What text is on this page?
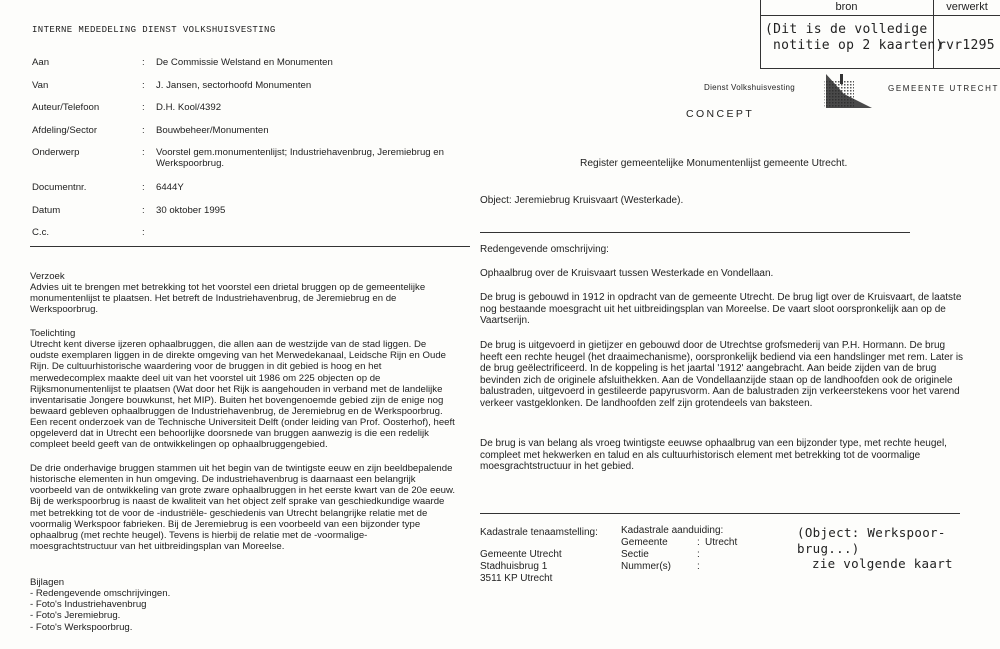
INTERNE MEDEDELING DIENST VOLKSHUISVESTING
Aan	: De Commissie Welstand en Monumenten
Van	: J. Jansen, sectorhoofd Monumenten
Auteur/Telefoon	: D.H. Kool/4392
Afdeling/Sector	: Bouwbeheer/Monumenten
Onderwerp	: Voorstel gem.monumentenlijst; Industriehavenbrug, Jeremiebrug en Werkspoorbrug.
Documentnr.	: 6444Y
Datum	: 30 oktober 1995
C.c.	:
Verzoek

Advies uit te brengen met betrekking tot het voorstel een drietal bruggen op de gemeentelijke monumentenlijst te plaatsen. Het betreft de Industriehavenbrug, de Jeremiebrug en de Werkspoorbrug.

Toelichting

Utrecht kent diverse ijzeren ophaalbruggen, die allen aan de westzijde van de stad liggen. De oudste exemplaren liggen in de direkte omgeving van het Merwedekanaal, Leidsche Rijn en Oude Rijn. De cultuurhistorische waardering voor de bruggen in dit gebied is hoog en het merwedecomplex maakte deel uit van het voorstel uit 1986 om 225 objecten op de Rijksmonumentenlijst te plaatsen (Wat door het Rijk is aangehouden in verband met de landelijke inventarisatie Jongere bouwkunst, het MIP). Buiten het bovengenoemde gebied zijn de enige nog bewaard gebleven ophaalbruggen de Industriehavenbrug, de Jeremiebrug en de Werkspoorbrug. Een recent onderzoek van de Technische Universiteit Delft (onder leiding van Prof. Oosterhof), heeft opgeleverd dat in Utrecht een behoorlijke doorsnede van bruggen aanwezig is die een redelijk compleet beeld geeft van de ontwikkelingen op ophaalbruggengebied.

De drie onderhavige bruggen stammen uit het begin van de twintigste eeuw en zijn beeldbepalende historische elementen in hun omgeving. De industriehavenbrug is daarnaast een belangrijk voorbeeld van de ontwikkeling van grote zware ophaalbruggen in het eerste kwart van de 20e eeuw. Bij de werkspoorbrug is naast de kwaliteit van het object zelf sprake van geschiedkundige waarde met betrekking tot de voor de -industriële- geschiedenis van Utrecht belangrijke relatie met de voormalig Werkspoor fabrieken. Bij de Jeremiebrug is een voorbeeld van een bijzonder type ophaalbrug (met rechte heugel). Tevens is hierbij de relatie met de -voormalige- moesgrachtstructuur van het uitbreidingsplan van Moreelse.

Bijlagen
- Redengevende omschrijvingen.
- Foto's Industriehavenbrug
- Foto's Jeremiebrug.
- Foto's Werkspoorbrug.
bron	verwerkt
(Dit is de volledige
notitie op 2 kaarten)
rvr1295
Dienst Volkshuisvesting	GEMEENTE UTRECHT
CONCEPT
Register gemeentelijke Monumentenlijst gemeente Utrecht.
Object: Jeremiebrug Kruisvaart (Westerkade).
Redengevende omschrijving:

Ophaalbrug over de Kruisvaart tussen Westerkade en Vondellaan.

De brug is gebouwd in 1912 in opdracht van de gemeente Utrecht. De brug ligt over de Kruisvaart, de laatste nog bestaande moesgracht uit het uitbreidingsplan van Moreelse. De vaart sloot oorspronkelijk aan op de Vaartserijn.

De brug is uitgevoerd in gietijzer en gebouwd door de Utrechtse grofsmederij van P.H. Hormann. De brug heeft een rechte heugel (het draaimechanisme), oorspronkelijk bediend via een handslinger met rem. Later is de brug geëlectrificeerd. In de koppeling is het jaartal '1912' aangebracht. Aan beide zijden van de brug bevinden zich de originele afsluithekken. Aan de Vondellaanzijde staan op de landhoofden ook de originele balustraden, uitgevoerd in gestileerde papyrusvorm. Aan de balustraden zijn verkeerstekens voor het varend verkeer vastgeklonken. De landhoofden zelf zijn grotendeels van baksteen.

De brug is van belang als vroeg twintigste eeuwse ophaalbrug van een bijzonder type, met rechte heugel, compleet met hekwerken en talud en als cultuurhistorisch element met betrekking tot de voormalige moesgrachtstructuur in het gebied.

Kadastrale tenaamstelling:
Gemeente Utrecht
Stadhuisbrug 1
3511 KP Utrecht
Kadastrale aanduiding:
Gemeente	: Utrecht
Sectie	:
Nummer(s)	:
(Object: Werkspoor-
brug...)
zie volgende kaart
